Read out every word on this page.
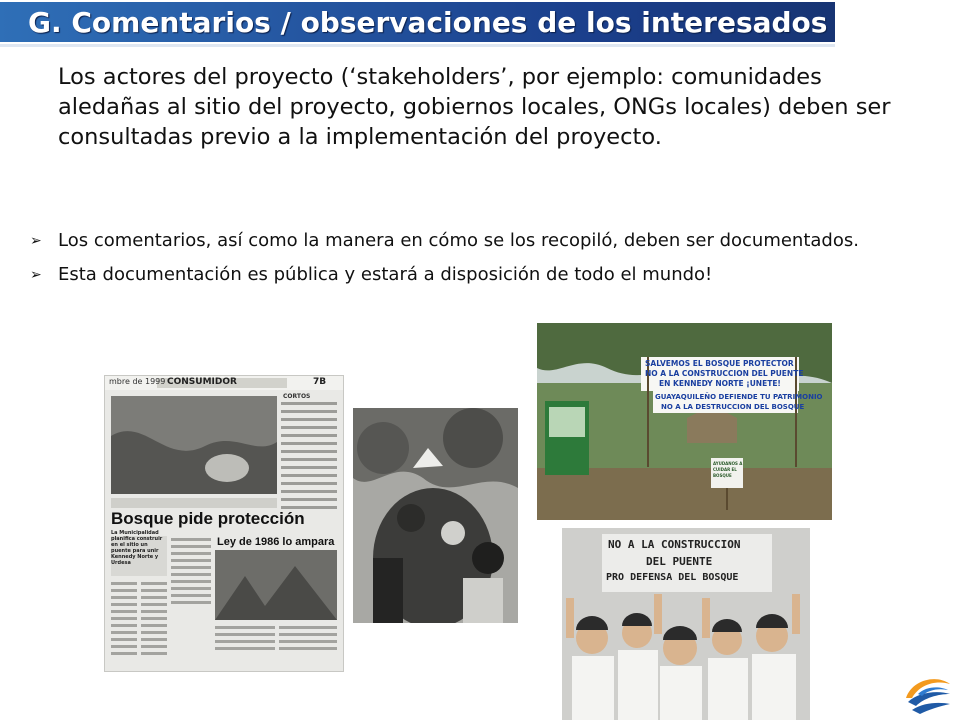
G. Comentarios / observaciones de los interesados
Los actores del proyecto (‘stakeholders’, por ejemplo: comunidades aledañas al sitio del proyecto, gobiernos locales, ONGs locales) deben ser consultadas previo a la implementación del proyecto.
➢ Los comentarios, así como la manera en cómo se los recopiló, deben ser documentados.
➢ Esta documentación es pública y estará a disposición de todo el mundo!
mbre de 1999 CONSUMIDOR	7B
CORTOS
Bosque pide protección
La Municipalidad planifica construir en el sitio un puente para unir Kennedy Norte y Urdesa
Ley de 1986 lo ampara
SALVEMOS EL BOSQUE PROTECTOR
NO A LA CONSTRUCCION DEL PUENTE
EN KENNEDY NORTE ¡UNETE!
GUAYAQUILEÑO DEFIENDE TU PATRIMONIO
NO A LA DESTRUCCION DEL BOSQUE
AYUDANOS A CUIDAR EL BOSQUE
NO A LA CONSTRUCCION
DEL PUENTE
PRO DEFENSA DEL BOSQUE
